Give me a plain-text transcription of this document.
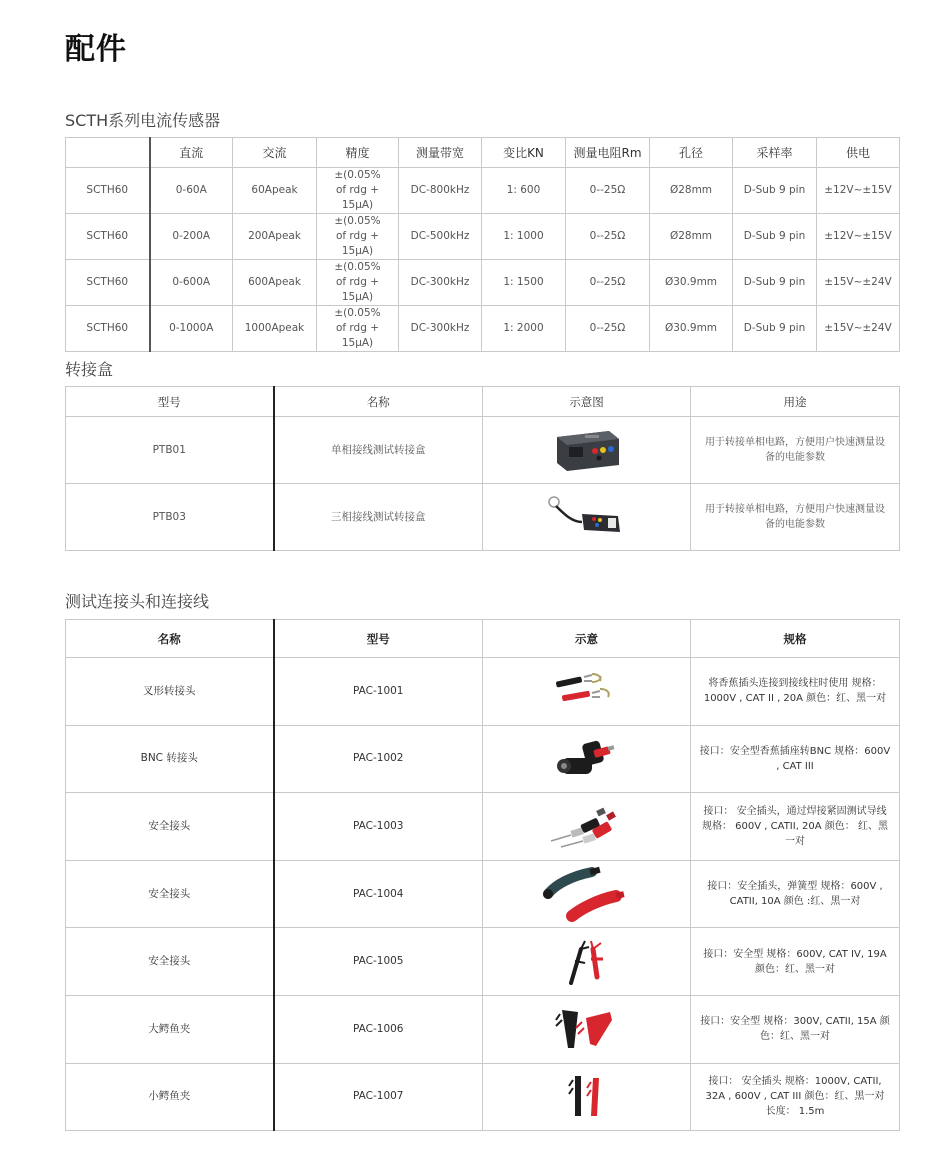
配件
SCTH系列电流传感器
	直流	交流	精度	测量带宽	变比KN	测量电阻Rm	孔径	采样率	供电
SCTH60	0-60A	60Apeak	±(0.05% of rdg + 15μA)	DC-800kHz	1: 600	0--25Ω	Ø28mm	D-Sub 9 pin	±12V~±15V
SCTH60	0-200A	200Apeak	±(0.05% of rdg + 15μA)	DC-500kHz	1: 1000	0--25Ω	Ø28mm	D-Sub 9 pin	±12V~±15V
SCTH60	0-600A	600Apeak	±(0.05% of rdg + 15μA)	DC-300kHz	1: 1500	0--25Ω	Ø30.9mm	D-Sub 9 pin	±15V~±24V
SCTH60	0-1000A	1000Apeak	±(0.05% of rdg + 15μA)	DC-300kHz	1: 2000	0--25Ω	Ø30.9mm	D-Sub 9 pin	±15V~±24V
转接盒
型号	名称	示意图	用途
PTB01	单相接线测试转接盒		用于转接单相电路，方便用户快速测量设备的电能参数
PTB03	三相接线测试转接盒		用于转接单相电路，方便用户快速测量设备的电能参数
测试连接头和连接线
名称	型号	示意	规格
叉形转接头	PAC-1001		将香蕉插头连接到接线柱时使用 规格：1000V , CAT II , 20A 颜色：红、黑一对
BNC 转接头	PAC-1002		接口：安全型香蕉插座转BNC 规格：600V , CAT III
安全接头	PAC-1003		接口： 安全插头，通过焊接紧固测试导线 规格： 600V , CATII, 20A 颜色： 红、黑一对
安全接头	PAC-1004		接口：安全插头，弹簧型 规格：600V , CATII, 10A 颜色 :红、黑一对
安全接头	PAC-1005		接口：安全型 规格：600V, CAT IV, 19A 颜色：红、黑一对
大鳄鱼夹	PAC-1006		接口：安全型 规格：300V, CATII, 15A 颜色：红、黑一对
小鳄鱼夹	PAC-1007		接口： 安全插头 规格：1000V, CATII, 32A , 600V , CAT III 颜色：红、黑一对 长度： 1.5m
